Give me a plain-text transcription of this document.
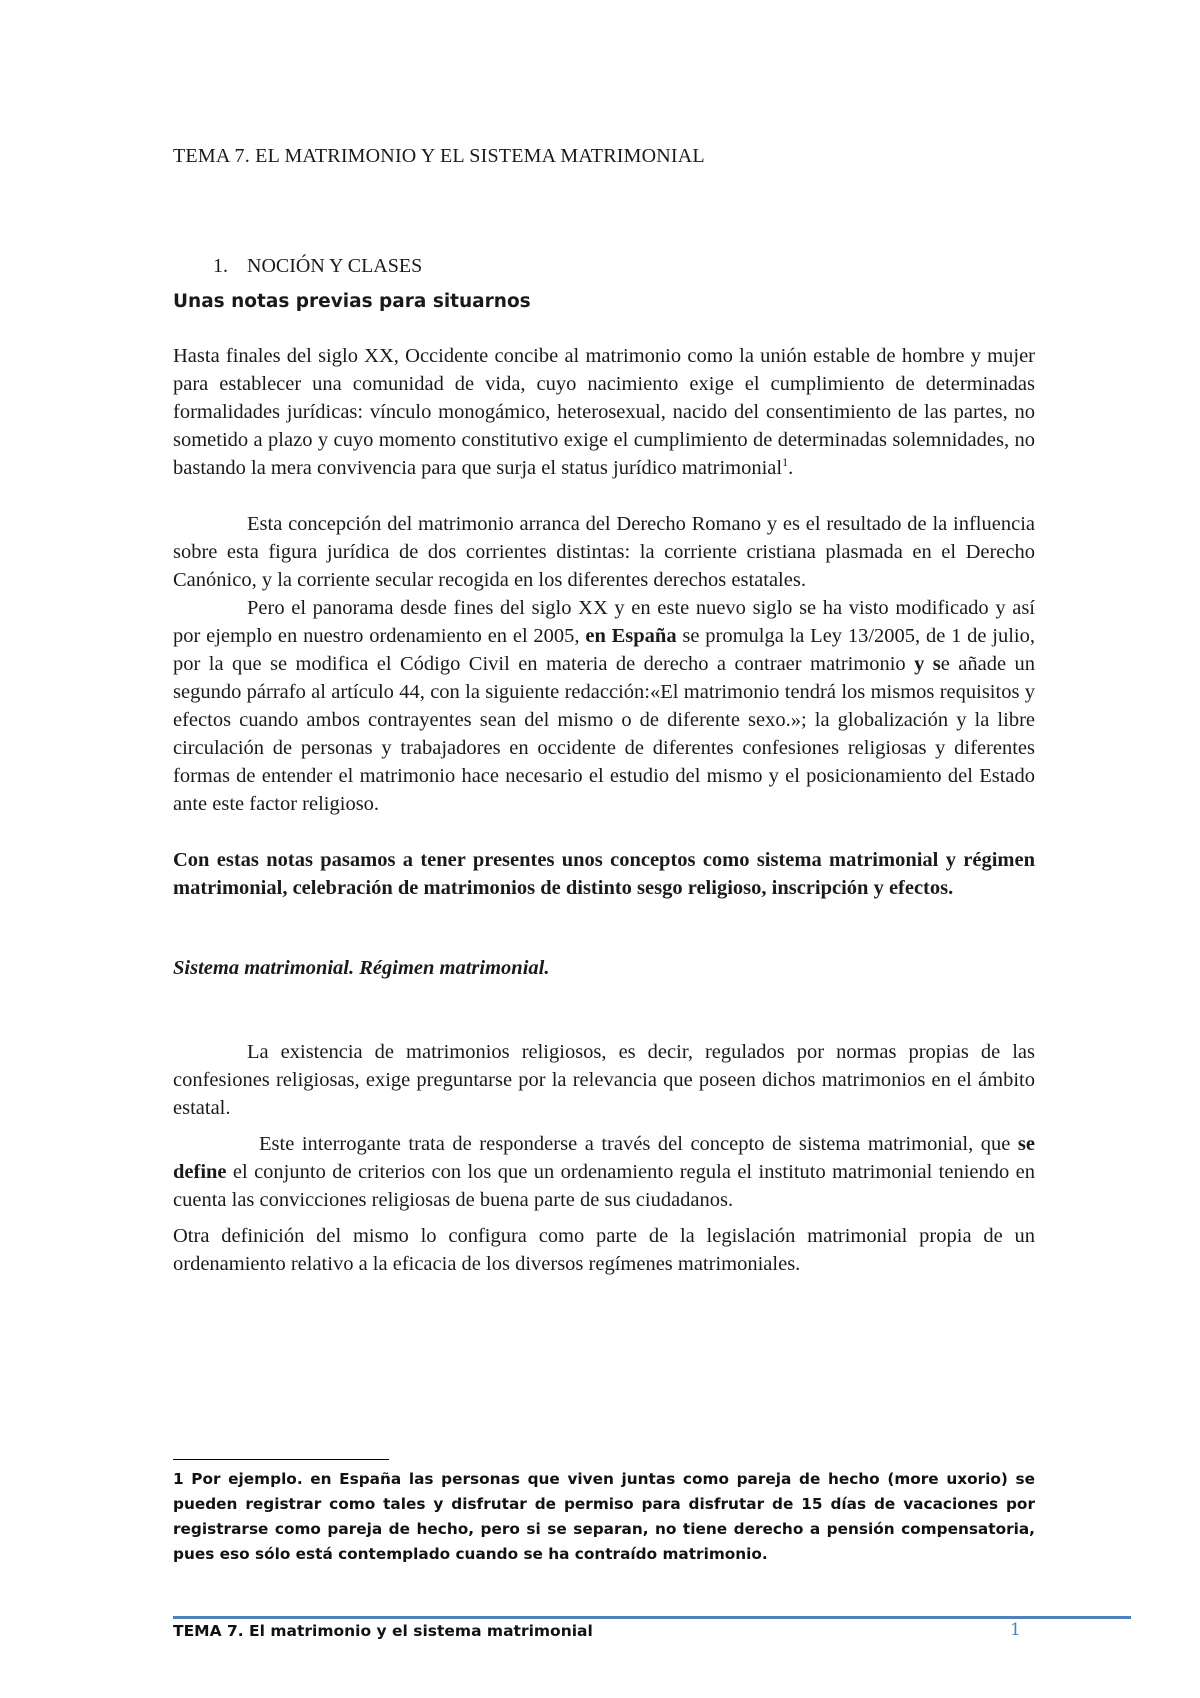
TEMA 7. EL MATRIMONIO Y EL SISTEMA MATRIMONIAL
1. NOCIÓN Y CLASES
Unas notas previas para situarnos

Hasta finales del siglo XX, Occidente concibe al matrimonio como la unión estable de hombre y mujer para establecer una comunidad de vida, cuyo nacimiento exige el cumplimiento de determinadas formalidades jurídicas: vínculo monogámico, heterosexual, nacido del consentimiento de las partes, no sometido a plazo y cuyo momento constitutivo exige el cumplimiento de determinadas solemnidades, no bastando la mera convivencia para que surja el status jurídico matrimonial$^1$.

Esta concepción del matrimonio arranca del Derecho Romano y es el resultado de la influencia sobre esta figura jurídica de dos corrientes distintas: la corriente cristiana plasmada en el Derecho Canónico, y la corriente secular recogida en los diferentes derechos estatales.

Pero el panorama desde fines del siglo XX y en este nuevo siglo se ha visto modificado y así por ejemplo en nuestro ordenamiento en el 2005, en España se promulga la Ley 13/2005, de 1 de julio, por la que se modifica el Código Civil en materia de derecho a contraer matrimonio y se añade un segundo párrafo al artículo 44, con la siguiente redacción:«El matrimonio tendrá los mismos requisitos y efectos cuando ambos contrayentes sean del mismo o de diferente sexo.»; la globalización y la libre circulación de personas y trabajadores en occidente de diferentes confesiones religiosas y diferentes formas de entender el matrimonio hace necesario el estudio del mismo y el posicionamiento del Estado ante este factor religioso.

Con estas notas pasamos a tener presentes unos conceptos como sistema matrimonial y régimen matrimonial, celebración de matrimonios de distinto sesgo religioso, inscripción y efectos.

Sistema matrimonial. Régimen matrimonial.

La existencia de matrimonios religiosos, es decir, regulados por normas propias de las confesiones religiosas, exige preguntarse por la relevancia que poseen dichos matrimonios en el ámbito estatal.

Este interrogante trata de responderse a través del concepto de sistema matrimonial, que se define el conjunto de criterios con los que un ordenamiento regula el instituto matrimonial teniendo en cuenta las convicciones religiosas de buena parte de sus ciudadanos.

Otra definición del mismo lo configura como parte de la legislación matrimonial propia de un ordenamiento relativo a la eficacia de los diversos regímenes matrimoniales.

1 Por ejemplo. en España las personas que viven juntas como pareja de hecho (more uxorio) se pueden registrar como tales y disfrutar de permiso para disfrutar de 15 días de vacaciones por registrarse como pareja de hecho, pero si se separan, no tiene derecho a pensión compensatoria, pues eso sólo está contemplado cuando se ha contraído matrimonio.
TEMA 7. El matrimonio y el sistema matrimonial	1
